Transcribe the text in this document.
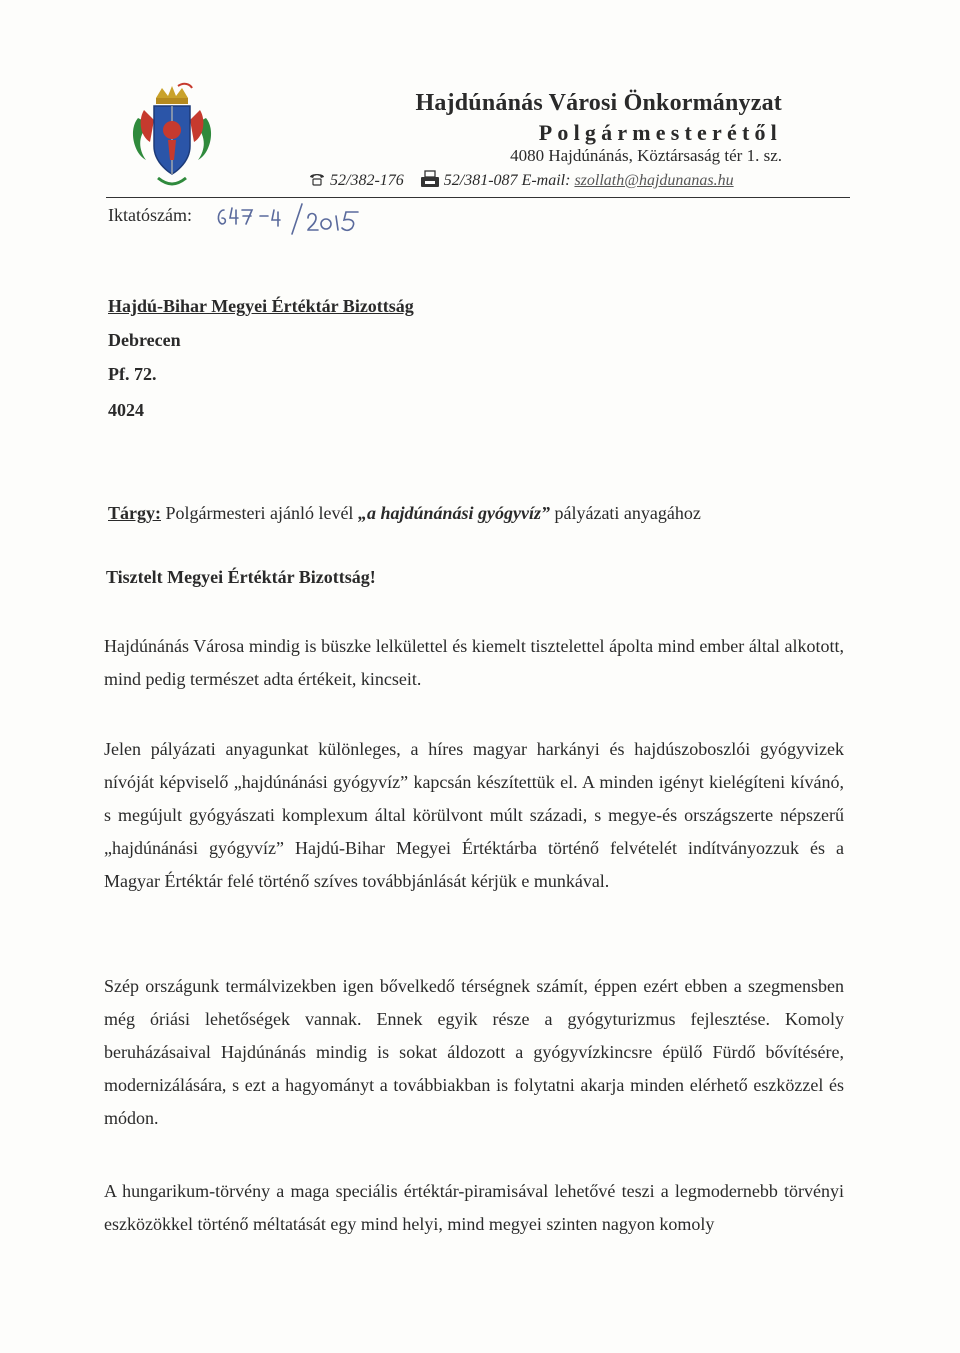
Hajdúnánás Városi Önkormányzat
Polgármesterétől
4080 Hajdúnánás, Köztársaság tér 1. sz.
52/382-176	52/381-087 E-mail: szollath@hajdunanas.hu
Iktatószám:
Hajdú-Bihar Megyei Értéktár Bizottság
Debrecen
Pf. 72.
4024
Tárgy: Polgármesteri ajánló levél „a hajdúnánási gyógyvíz” pályázati anyagához
Tisztelt Megyei Értéktár Bizottság!
Hajdúnánás Városa mindig is büszke lelkülettel és kiemelt tisztelettel ápolta mind ember által alkotott, mind pedig természet adta értékeit, kincseit.
Jelen pályázati anyagunkat különleges, a híres magyar harkányi és hajdúszoboszlói gyógyvizek nívóját képviselő „hajdúnánási gyógyvíz” kapcsán készítettük el. A minden igényt kielégíteni kívánó, s megújult gyógyászati komplexum által körülvont múlt századi, s megye-és országszerte népszerű „hajdúnánási gyógyvíz” Hajdú-Bihar Megyei Értéktárba történő felvételét indítványozzuk és a Magyar Értéktár felé történő szíves továbbjánlását kérjük e munkával.
Szép országunk termálvizekben igen bővelkedő térségnek számít, éppen ezért ebben a szegmensben még óriási lehetőségek vannak. Ennek egyik része a gyógyturizmus fejlesztése. Komoly beruházásaival Hajdúnánás mindig is sokat áldozott a gyógyvízkincsre épülő Fürdő bővítésére, modernizálására, s ezt a hagyományt a továbbiakban is folytatni akarja minden elérhető eszközzel és módon.
A hungarikum-törvény a maga speciális értéktár-piramisával lehetővé teszi a legmodernebb törvényi eszközökkel történő méltatását egy mind helyi, mind megyei szinten nagyon komoly
